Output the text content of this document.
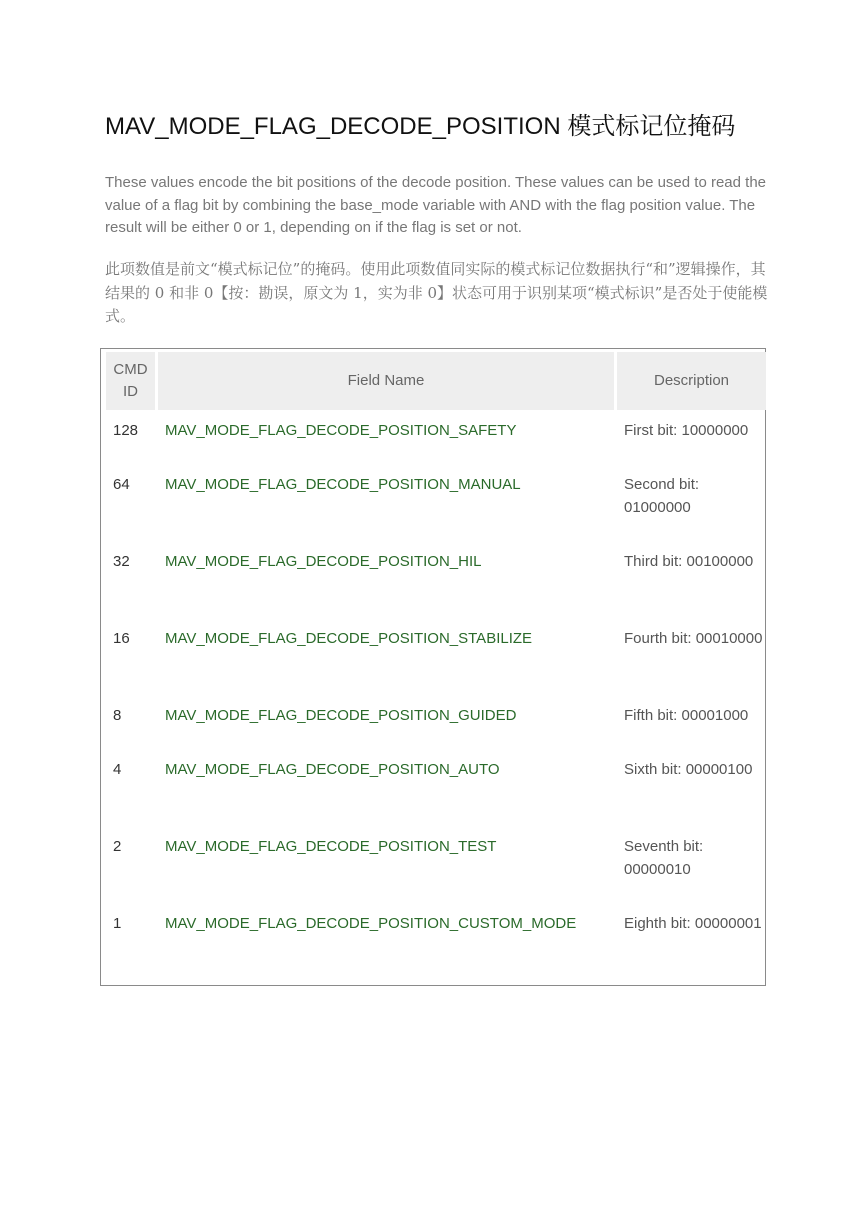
MAV_MODE_FLAG_DECODE_POSITION 模式标记位掩码

These values encode the bit positions of the decode position. These values can be used to read the value of a flag bit by combining the base_mode variable with AND with the flag position value. The result will be either 0 or 1, depending on if the flag is set or not.

此项数值是前文“模式标记位”的掩码。使用此项数值同实际的模式标记位数据执行“和”逻辑操作，其结果的 0 和非 0【按：勘误，原文为 1，实为非 0】状态可用于识别某项“模式标识”是否处于使能模式。

CMD
ID	Field Name	Description

128	MAV_MODE_FLAG_DECODE_POSITION_SAFETY	First bit: 10000000
64	MAV_MODE_FLAG_DECODE_POSITION_MANUAL	Second bit: 01000000
32	MAV_MODE_FLAG_DECODE_POSITION_HIL	Third bit: 00100000
16	MAV_MODE_FLAG_DECODE_POSITION_STABILIZE	Fourth bit: 00010000
8	MAV_MODE_FLAG_DECODE_POSITION_GUIDED	Fifth bit: 00001000
4	MAV_MODE_FLAG_DECODE_POSITION_AUTO	Sixth bit: 00000100
2	MAV_MODE_FLAG_DECODE_POSITION_TEST	Seventh bit: 00000010
1	MAV_MODE_FLAG_DECODE_POSITION_CUSTOM_MODE	Eighth bit: 00000001
